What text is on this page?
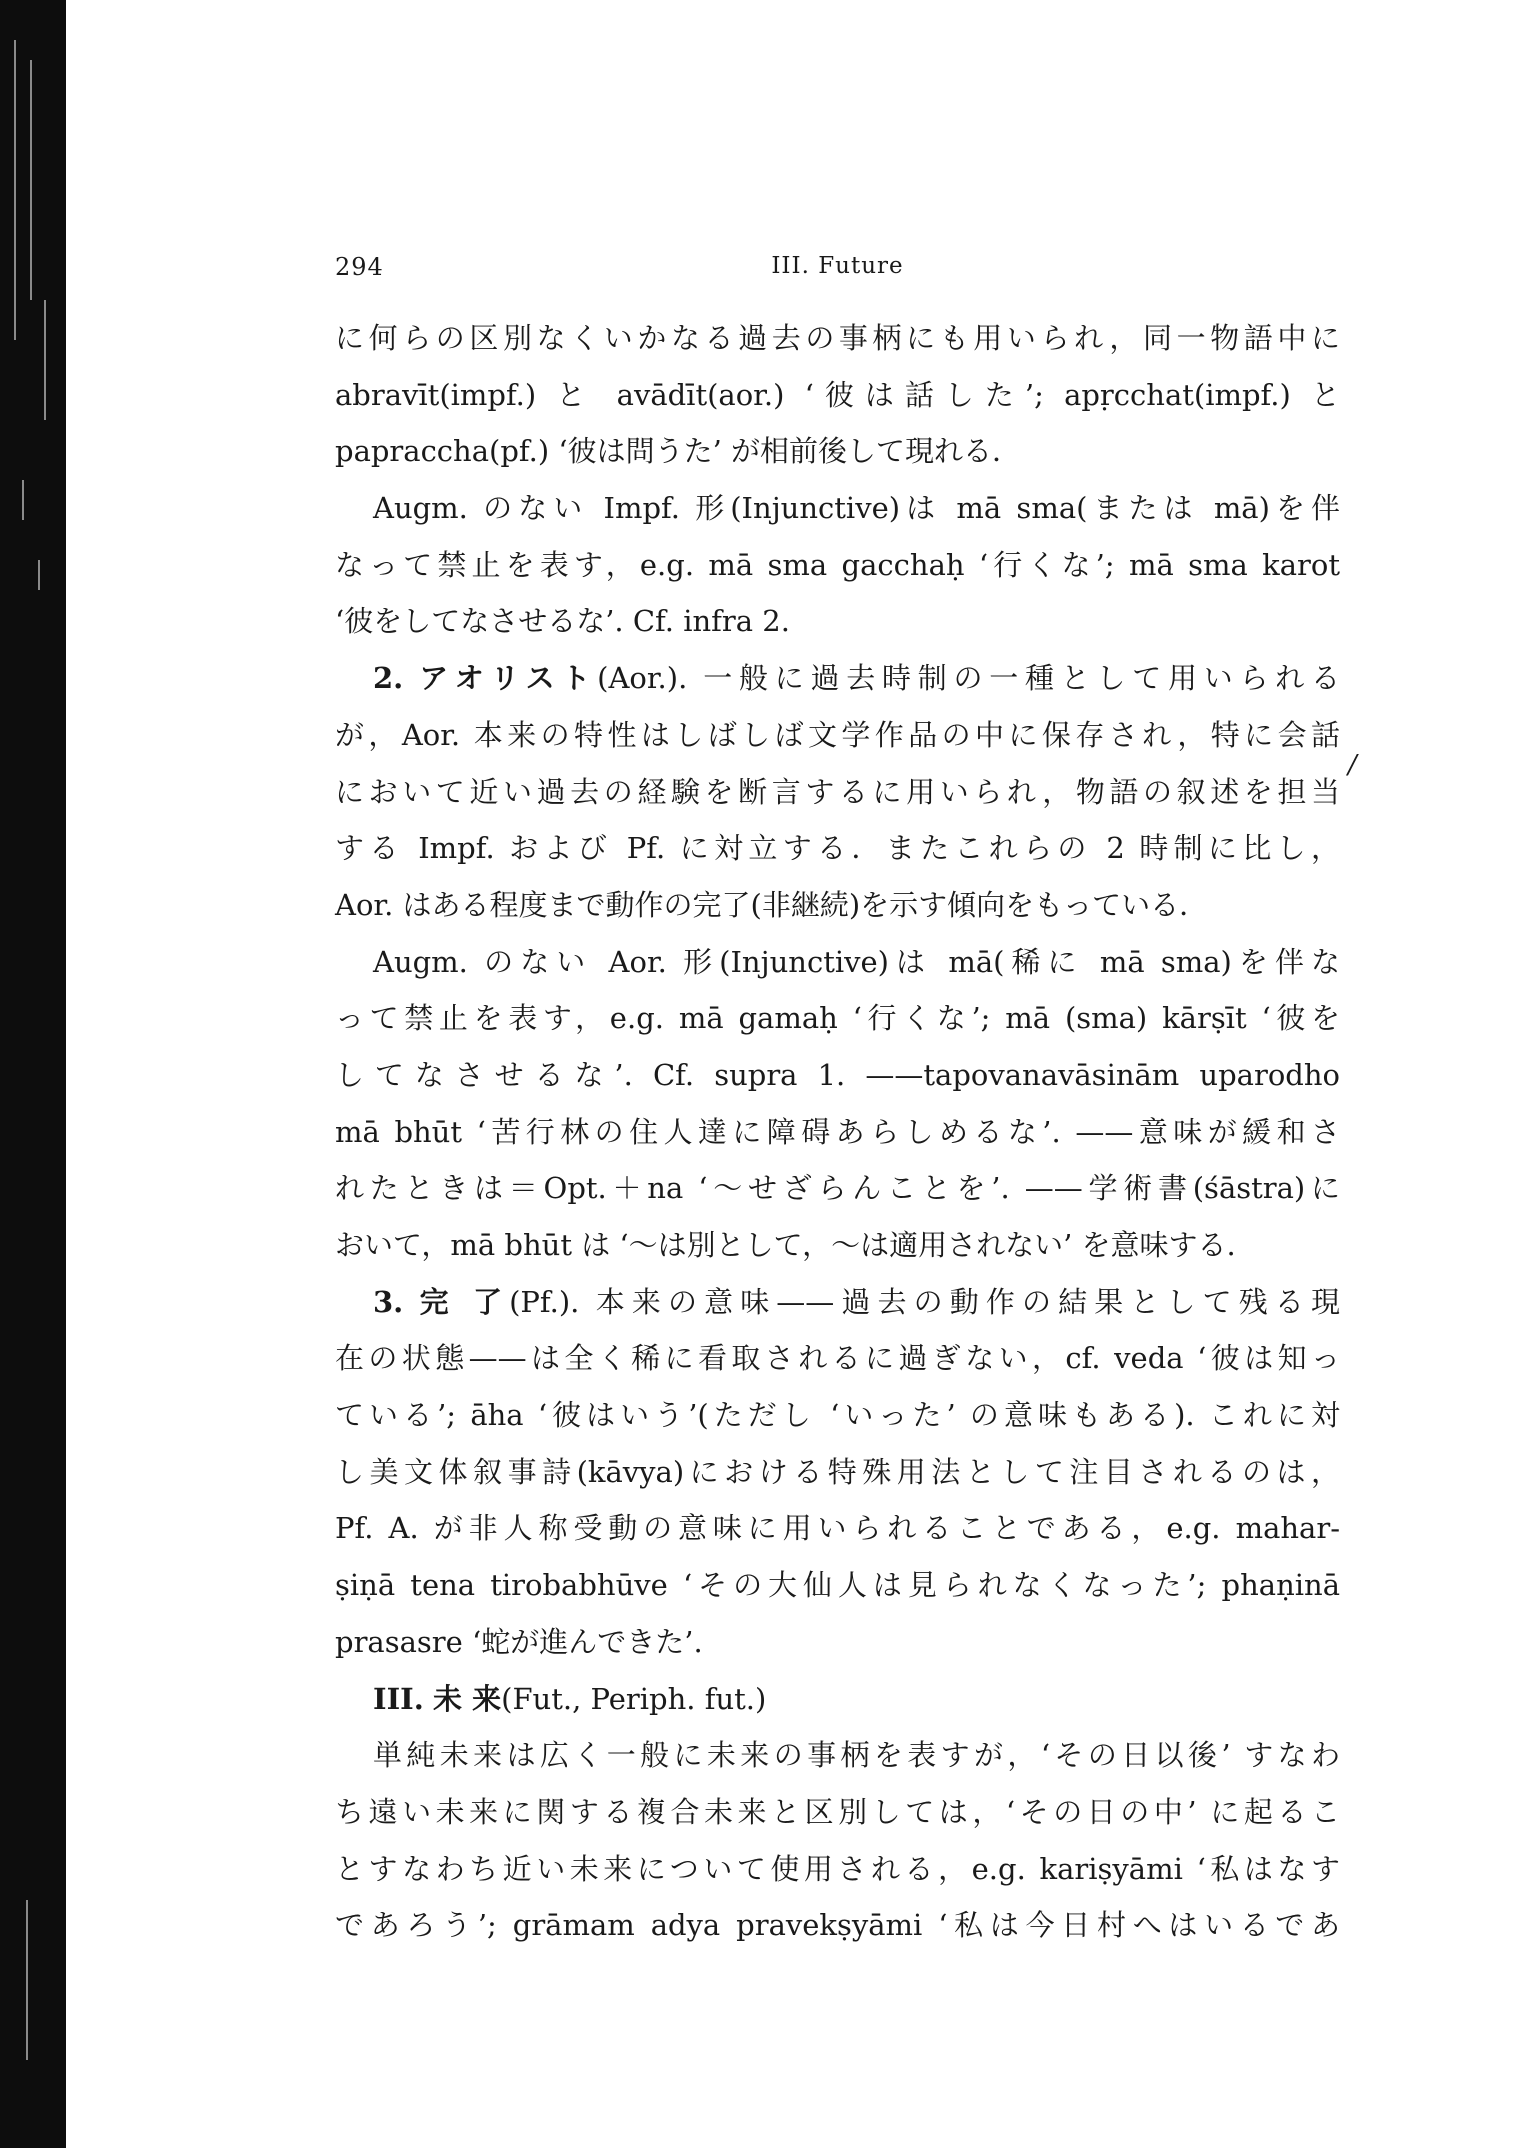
294	III. Future
に何らの区別なくいかなる過去の事柄にも用いられ，同一物語中に
abravīt(impf.) と avādīt(aor.) ‘彼は話した’; apṛcchat(impf.) と
papraccha(pf.) ‘彼は問うた’ が相前後して現れる．
Augm. のない Impf. 形(Injunctive)は mā sma(または mā)を伴
なって禁止を表す，e.g. mā sma gacchaḥ ‘行くな’; mā sma karot
‘彼をしてなさせるな’. Cf. infra 2.
2. アオリスト(Aor.). 一般に過去時制の一種として用いられる
が，Aor. 本来の特性はしばしば文学作品の中に保存され，特に会話
において近い過去の経験を断言するに用いられ，物語の叙述を担当
する Impf. および Pf. に対立する．またこれらの 2 時制に比し，
Aor. はある程度まで動作の完了(非継続)を示す傾向をもっている．
Augm. のない Aor. 形(Injunctive)は mā(稀に mā sma)を伴な
って禁止を表す，e.g. mā gamaḥ ‘行くな’; mā (sma) kārṣīt ‘彼を
してなさせるな’. Cf. supra 1. ——tapovanavāsinām uparodho
mā bhūt ‘苦行林の住人達に障碍あらしめるな’. ——意味が緩和さ
れたときは＝Opt.＋na ‘～せざらんことを’. ——学術書(śāstra)に
おいて，mā bhūt は ‘～は別として，～は適用されない’ を意味する.
3. 完 了(Pf.). 本来の意味——過去の動作の結果として残る現
在の状態——は全く稀に看取されるに過ぎない，cf. veda ‘彼は知っ
ている’; āha ‘彼はいう’(ただし ‘いった’ の意味もある). これに対
し美文体叙事詩(kāvya)における特殊用法として注目されるのは，
Pf. A. が非人称受動の意味に用いられることである，e.g. mahar-
ṣiṇā tena tirobabhūve ‘その大仙人は見られなくなった’; phaṇinā
prasasre ‘蛇が進んできた’.
III. 未 来(Fut., Periph. fut.)
単純未来は広く一般に未来の事柄を表すが，‘その日以後’ すなわ
ち遠い未来に関する複合未来と区別しては，‘その日の中’ に起るこ
とすなわち近い未来について使用される，e.g. kariṣyāmi ‘私はなす
であろう’; grāmam adya pravekṣyāmi ‘私は今日村へはいるであ
/
